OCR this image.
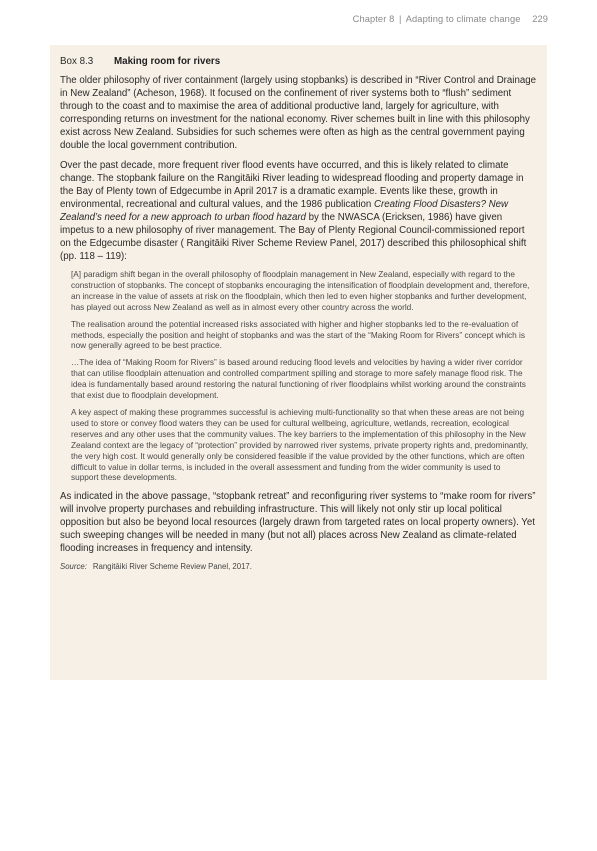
Chapter 8 | Adapting to climate change 229
Box 8.3 Making room for rivers

The older philosophy of river containment (largely using stopbanks) is described in “River Control and Drainage in New Zealand” (Acheson, 1968). It focused on the confinement of river systems both to “flush” sediment through to the coast and to maximise the area of additional productive land, largely for agriculture, with corresponding returns on investment for the national economy. River schemes built in line with this philosophy exist across New Zealand. Subsidies for such schemes were often as high as the central government paying double the local government contribution.

Over the past decade, more frequent river flood events have occurred, and this is likely related to climate change. The stopbank failure on the Rangitāiki River leading to widespread flooding and property damage in the Bay of Plenty town of Edgecumbe in April 2017 is a dramatic example. Events like these, growth in environmental, recreational and cultural values, and the 1986 publication Creating Flood Disasters? New Zealand’s need for a new approach to urban flood hazard by the NWASCA (Ericksen, 1986) have given impetus to a new philosophy of river management. The Bay of Plenty Regional Council-commissioned report on the Edgecumbe disaster ( Rangitāiki River Scheme Review Panel, 2017) described this philosophical shift (pp. 118 – 119):

[A] paradigm shift began in the overall philosophy of floodplain management in New Zealand, especially with regard to the construction of stopbanks. The concept of stopbanks encouraging the intensification of floodplain development and, therefore, an increase in the value of assets at risk on the floodplain, which then led to even higher stopbanks and further development, has played out across New Zealand as well as in almost every other country across the world.

The realisation around the potential increased risks associated with higher and higher stopbanks led to the re-evaluation of methods, especially the position and height of stopbanks and was the start of the “Making Room for Rivers” concept which is now generally agreed to be best practice.

…The idea of “Making Room for Rivers” is based around reducing flood levels and velocities by having a wider river corridor that can utilise floodplain attenuation and controlled compartment spilling and storage to more safely manage flood risk. The idea is fundamentally based around restoring the natural functioning of river floodplains whilst working around the constraints that exist due to floodplain development.

A key aspect of making these programmes successful is achieving multi-functionality so that when these areas are not being used to store or convey flood waters they can be used for cultural wellbeing, agriculture, wetlands, recreation, ecological reserves and any other uses that the community values. The key barriers to the implementation of this philosophy in the New Zealand context are the legacy of “protection” provided by narrowed river systems, private property rights and, predominantly, the very high cost. It would generally only be considered feasible if the value provided by the other functions, which are often difficult to value in dollar terms, is included in the overall assessment and funding from the wider community is used to support these developments.

As indicated in the above passage, “stopbank retreat” and reconfiguring river systems to “make room for rivers” will involve property purchases and rebuilding infrastructure. This will likely not only stir up local political opposition but also be beyond local resources (largely drawn from targeted rates on local property owners). Yet such sweeping changes will be needed in many (but not all) places across New Zealand as climate-related flooding increases in frequency and intensity.

Source: Rangitāiki River Scheme Review Panel, 2017.
